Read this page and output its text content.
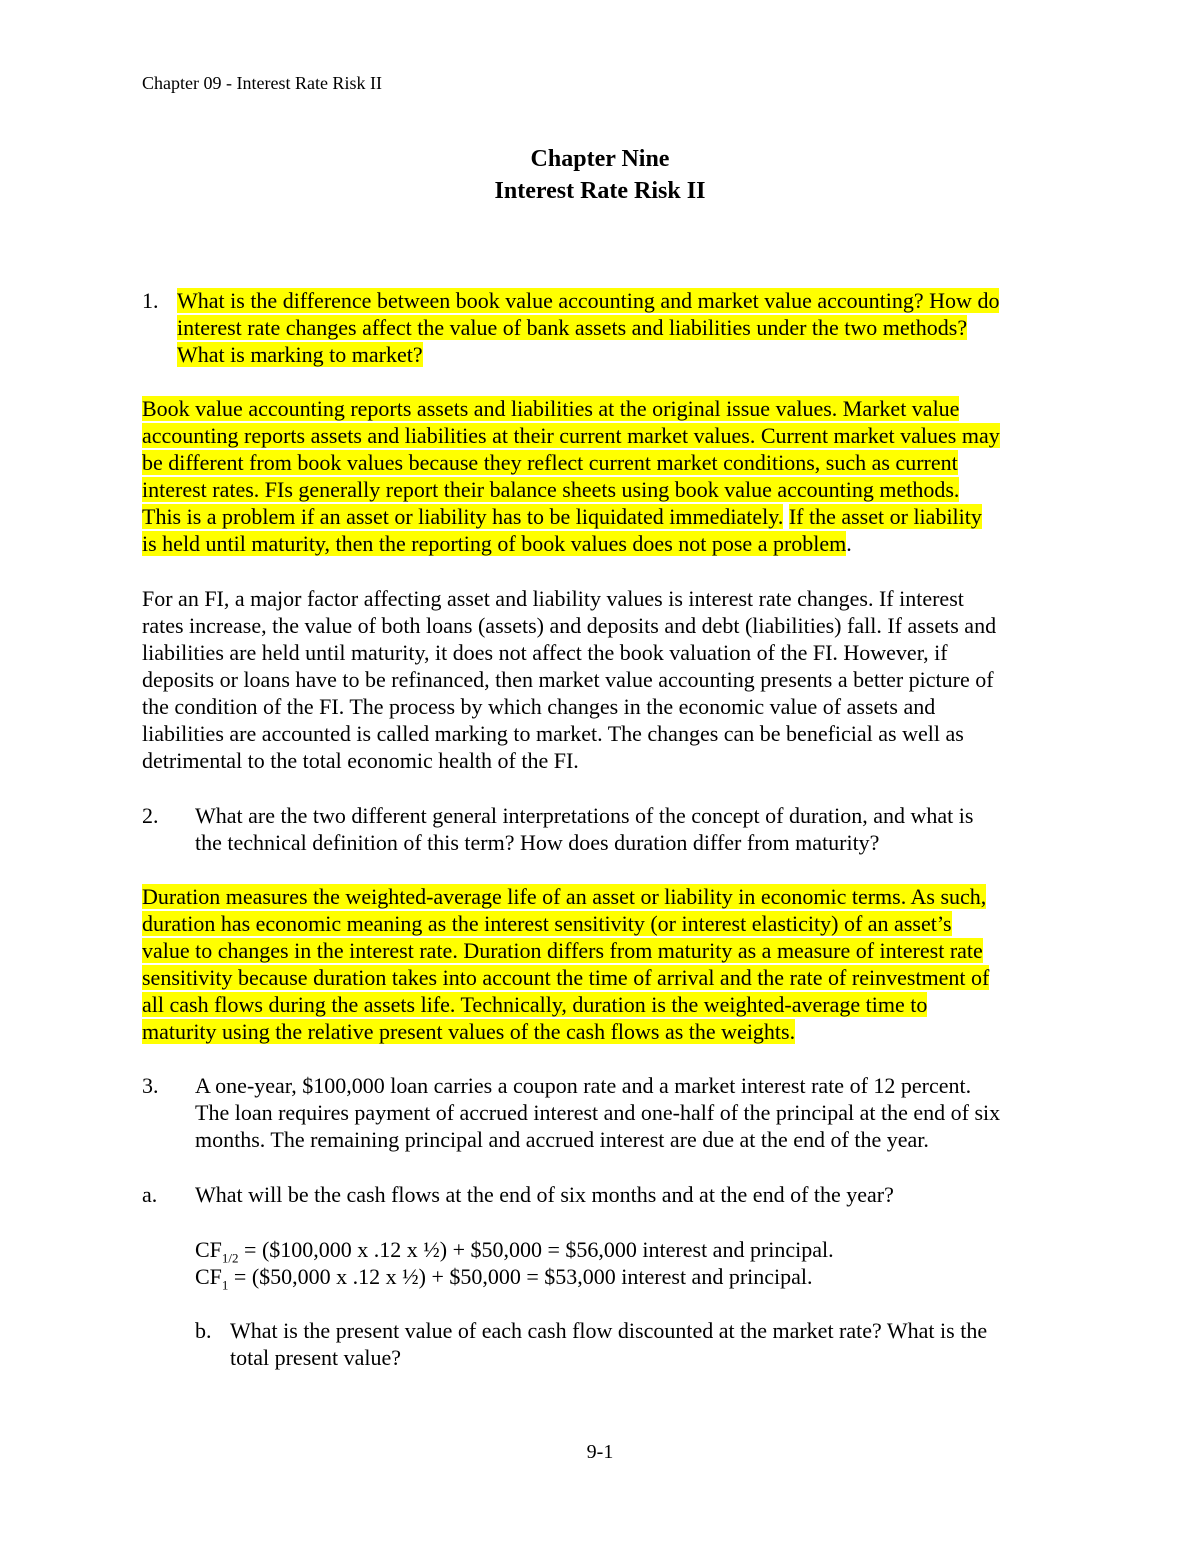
Chapter 09 - Interest Rate Risk II

Chapter Nine

Interest Rate Risk II

1. What is the difference between book value accounting and market value accounting? How do

interest rate changes affect the value of bank assets and liabilities under the two methods?

What is marking to market?

Book value accounting reports assets and liabilities at the original issue values. Market value

accounting reports assets and liabilities at their current market values. Current market values may

be different from book values because they reflect current market conditions, such as current

interest rates. FIs generally report their balance sheets using book value accounting methods.

This is a problem if an asset or liability has to be liquidated immediately. If the asset or liability

is held until maturity, then the reporting of book values does not pose a problem.

For an FI, a major factor affecting asset and liability values is interest rate changes. If interest

rates increase, the value of both loans (assets) and deposits and debt (liabilities) fall. If assets and

liabilities are held until maturity, it does not affect the book valuation of the FI. However, if

deposits or loans have to be refinanced, then market value accounting presents a better picture of

the condition of the FI. The process by which changes in the economic value of assets and

liabilities are accounted is called marking to market. The changes can be beneficial as well as

detrimental to the total economic health of the FI.

2. What are the two different general interpretations of the concept of duration, and what is

the technical definition of this term? How does duration differ from maturity?

Duration measures the weighted-average life of an asset or liability in economic terms. As such,

duration has economic meaning as the interest sensitivity (or interest elasticity) of an asset’s

value to changes in the interest rate. Duration differs from maturity as a measure of interest rate

sensitivity because duration takes into account the time of arrival and the rate of reinvestment of

all cash flows during the assets life. Technically, duration is the weighted-average time to

maturity using the relative present values of the cash flows as the weights.

3. A one-year, $100,000 loan carries a coupon rate and a market interest rate of 12 percent.

The loan requires payment of accrued interest and one-half of the principal at the end of six

months. The remaining principal and accrued interest are due at the end of the year.

a. What will be the cash flows at the end of six months and at the end of the year?

$CF_{1/2}$ = ($100,000 x .12 x ½) + $50,000 = $56,000 interest and principal.

$CF_1$ = ($50,000 x .12 x ½) + $50,000 = $53,000 interest and principal.

b. What is the present value of each cash flow discounted at the market rate? What is the

total present value?

9-1
